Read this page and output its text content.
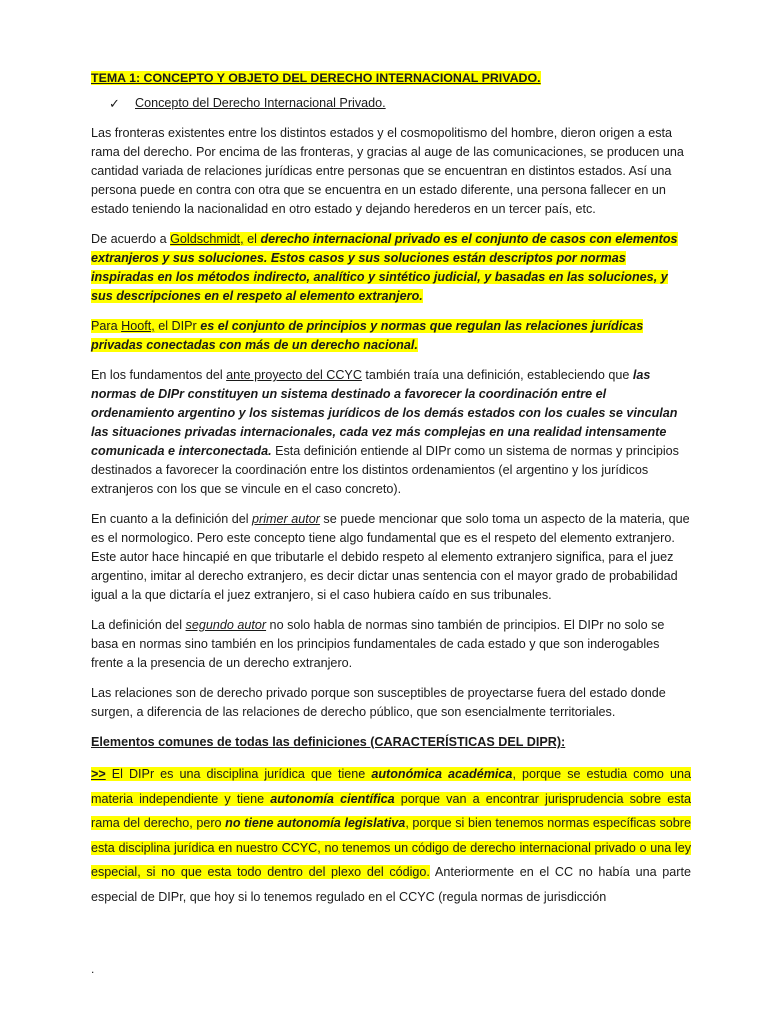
TEMA 1: CONCEPTO Y OBJETO DEL DERECHO INTERNACIONAL PRIVADO.
✓ Concepto del Derecho Internacional Privado.

Las fronteras existentes entre los distintos estados y el cosmopolitismo del hombre, dieron origen a esta rama del derecho. Por encima de las fronteras, y gracias al auge de las comunicaciones, se producen una cantidad variada de relaciones jurídicas entre personas que se encuentran en distintos estados. Así una persona puede en contra con otra que se encuentra en un estado diferente, una persona fallecer en un estado teniendo la nacionalidad en otro estado y dejando herederos en un tercer país, etc.

De acuerdo a Goldschmidt, el derecho internacional privado es el conjunto de casos con elementos extranjeros y sus soluciones. Estos casos y sus soluciones están descriptos por normas inspiradas en los métodos indirecto, analítico y sintético judicial, y basadas en las soluciones, y sus descripciones en el respeto al elemento extranjero.

Para Hooft, el DIPr es el conjunto de principios y normas que regulan las relaciones jurídicas privadas conectadas con más de un derecho nacional.

En los fundamentos del ante proyecto del CCYC también traía una definición, estableciendo que las normas de DIPr constituyen un sistema destinado a favorecer la coordinación entre el ordenamiento argentino y los sistemas jurídicos de los demás estados con los cuales se vinculan las situaciones privadas internacionales, cada vez más complejas en una realidad intensamente comunicada e interconectada. Esta definición entiende al DIPr como un sistema de normas y principios destinados a favorecer la coordinación entre los distintos ordenamientos (el argentino y los jurídicos extranjeros con los que se vincule en el caso concreto).

En cuanto a la definición del primer autor se puede mencionar que solo toma un aspecto de la materia, que es el normologico. Pero este concepto tiene algo fundamental que es el respeto del elemento extranjero. Este autor hace hincapié en que tributarle el debido respeto al elemento extranjero significa, para el juez argentino, imitar al derecho extranjero, es decir dictar unas sentencia con el mayor grado de probabilidad igual a la que dictaría el juez extranjero, si el caso hubiera caído en sus tribunales.

La definición del segundo autor no solo habla de normas sino también de principios. El DIPr no solo se basa en normas sino también en los principios fundamentales de cada estado y que son inderogables frente a la presencia de un derecho extranjero.

Las relaciones son de derecho privado porque son susceptibles de proyectarse fuera del estado donde surgen, a diferencia de las relaciones de derecho público, que son esencialmente territoriales.

Elementos comunes de todas las definiciones (CARACTERÍSTICAS DEL DIPR):

>> El DIPr es una disciplina jurídica que tiene autonómica académica, porque se estudia como una materia independiente y tiene autonomía científica porque van a encontrar jurisprudencia sobre esta rama del derecho, pero no tiene autonomía legislativa, porque si bien tenemos normas específicas sobre esta disciplina jurídica en nuestro CCYC, no tenemos un código de derecho internacional privado o una ley especial, si no que esta todo dentro del plexo del código. Anteriormente en el CC no había una parte especial de DIPr, que hoy si lo tenemos regulado en el CCYC (regula normas de jurisdicción

.
